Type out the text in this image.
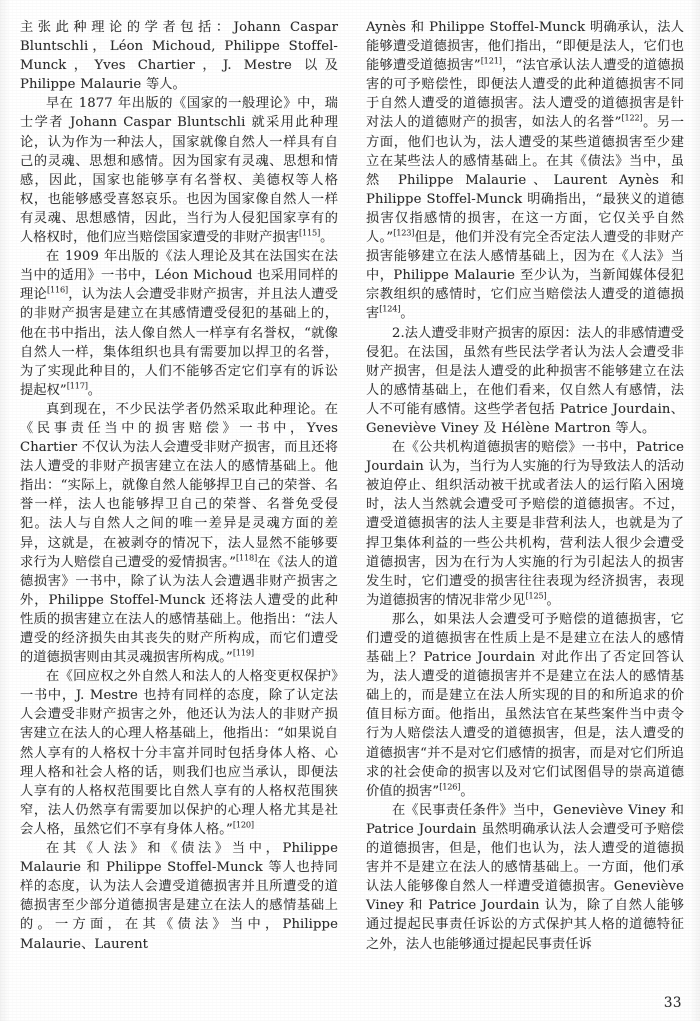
主张此种理论的学者包括：Johann Caspar Bluntschli，Léon Michoud, Philippe Stoffel-Munck，Yves Chartier，J. Mestre 以及 Philippe Malaurie 等人。

早在 1877 年出版的《国家的一般理论》中，瑞士学者 Johann Caspar Bluntschli 就采用此种理论，认为作为一种法人，国家就像自然人一样具有自己的灵魂、思想和感情。因为国家有灵魂、思想和情感，因此，国家也能够享有名誉权、美德权等人格权，也能够感受喜怒哀乐。也因为国家像自然人一样有灵魂、思想感情，因此，当行为人侵犯国家享有的人格权时，他们应当赔偿国家遭受的非财产损害[115]。

在 1909 年出版的《法人理论及其在法国实在法当中的适用》一书中，Léon Michoud 也采用同样的理论[116]，认为法人会遭受非财产损害，并且法人遭受的非财产损害是建立在其感情遭受侵犯的基础上的，他在书中指出，法人像自然人一样享有名誉权，“就像自然人一样，集体组织也具有需要加以捍卫的名誉，为了实现此种目的，人们不能够否定它们享有的诉讼提起权”[117]。

真到现在，不少民法学者仍然采取此种理论。在《民事责任当中的损害赔偿》一书中，Yves Chartier 不仅认为法人会遭受非财产损害，而且还将法人遭受的非财产损害建立在法人的感情基础上。他指出：“实际上，就像自然人能够捍卫自己的荣誉、名誉一样，法人也能够捍卫自己的荣誉、名誉免受侵犯。法人与自然人之间的唯一差异是灵魂方面的差异，这就是，在被剥夺的情况下，法人显然不能够要求行为人赔偿自己遭受的爱情损害。”[118]在《法人的道德损害》一书中，除了认为法人会遭遇非财产损害之外，Philippe Stoffel-Munck 还将法人遭受的此种性质的损害建立在法人的感情基础上。他指出：“法人遭受的经济损失由其丧失的财产所构成，而它们遭受的道德损害则由其灵魂损害所构成。”[119]

在《回应权之外自然人和法人的人格变更权保护》一书中，J. Mestre 也持有同样的态度，除了认定法人会遭受非财产损害之外，他还认为法人的非财产损害建立在法人的心理人格基础上，他指出：“如果说自然人享有的人格权十分丰富并同时包括身体人格、心理人格和社会人格的话，则我们也应当承认，即便法人享有的人格权范围要比自然人享有的人格权范围狭窄，法人仍然享有需要加以保护的心理人格尤其是社会人格，虽然它们不享有身体人格。”[120]

在其《人法》和《债法》当中，Philippe Malaurie 和 Philippe Stoffel-Munck 等人也持同样的态度，认为法人会遭受道德损害并且所遭受的道德损害至少部分道德损害是建立在法人的感情基础上的。一方面，在其《债法》当中，Philippe Malaurie、Laurent

Aynès 和 Philippe Stoffel-Munck 明确承认，法人能够遭受道德损害，他们指出，“即便是法人，它们也能够遭受道德损害”[121]，“法官承认法人遭受的道德损害的可予赔偿性，即便法人遭受的此种道德损害不同于自然人遭受的道德损害。法人遭受的道德损害是针对法人的道德财产的损害，如法人的名誉”[122]。另一方面，他们也认为，法人遭受的某些道德损害至少建立在某些法人的感情基础上。在其《债法》当中，虽然 Philippe Malaurie、Laurent Aynès 和 Philippe Stoffel-Munck 明确指出，“最狭义的道德损害仅指感情的损害，在这一方面，它仅关乎自然人。”[123]但是，他们并没有完全否定法人遭受的非财产损害能够建立在法人感情基础上，因为在《人法》当中，Philippe Malaurie 至少认为，当新闻媒体侵犯宗教组织的感情时，它们应当赔偿法人遭受的道德损害[124]。

2.法人遭受非财产损害的原因：法人的非感情遭受侵犯。在法国，虽然有些民法学者认为法人会遭受非财产损害，但是法人遭受的此种损害不能够建立在法人的感情基础上，在他们看来，仅自然人有感情，法人不可能有感情。这些学者包括 Patrice Jourdain、Geneviève Viney 及 Hélène Martron 等人。

在《公共机构道德损害的赔偿》一书中，Patrice Jourdain 认为，当行为人实施的行为导致法人的活动被迫停止、组织活动被干扰或者法人的运行陷入困境时，法人当然就会遭受可予赔偿的道德损害。不过，遭受道德损害的法人主要是非营利法人，也就是为了捍卫集体利益的一些公共机构，营利法人很少会遭受道德损害，因为在行为人实施的行为引起法人的损害发生时，它们遭受的损害往往表现为经济损害，表现为道德损害的情况非常少见[125]。

那么，如果法人会遭受可予赔偿的道德损害，它们遭受的道德损害在性质上是不是建立在法人的感情基础上？Patrice Jourdain 对此作出了否定回答认为，法人遭受的道德损害并不是建立在法人的感情基础上的，而是建立在法人所实现的目的和所追求的价值目标方面。他指出，虽然法官在某些案件当中责令行为人赔偿法人遭受的道德损害，但是，法人遭受的道德损害“并不是对它们感情的损害，而是对它们所追求的社会使命的损害以及对它们试图倡导的崇高道德价值的损害”[126]。

在《民事责任条件》当中，Geneviève Viney 和 Patrice Jourdain 虽然明确承认法人会遭受可予赔偿的道德损害，但是，他们也认为，法人遭受的道德损害并不是建立在法人的感情基础上。一方面，他们承认法人能够像自然人一样遭受道德损害。Geneviève Viney 和 Patrice Jourdain 认为，除了自然人能够通过提起民事责任诉讼的方式保护其人格的道德特征之外，法人也能够通过提起民事责任诉

33
